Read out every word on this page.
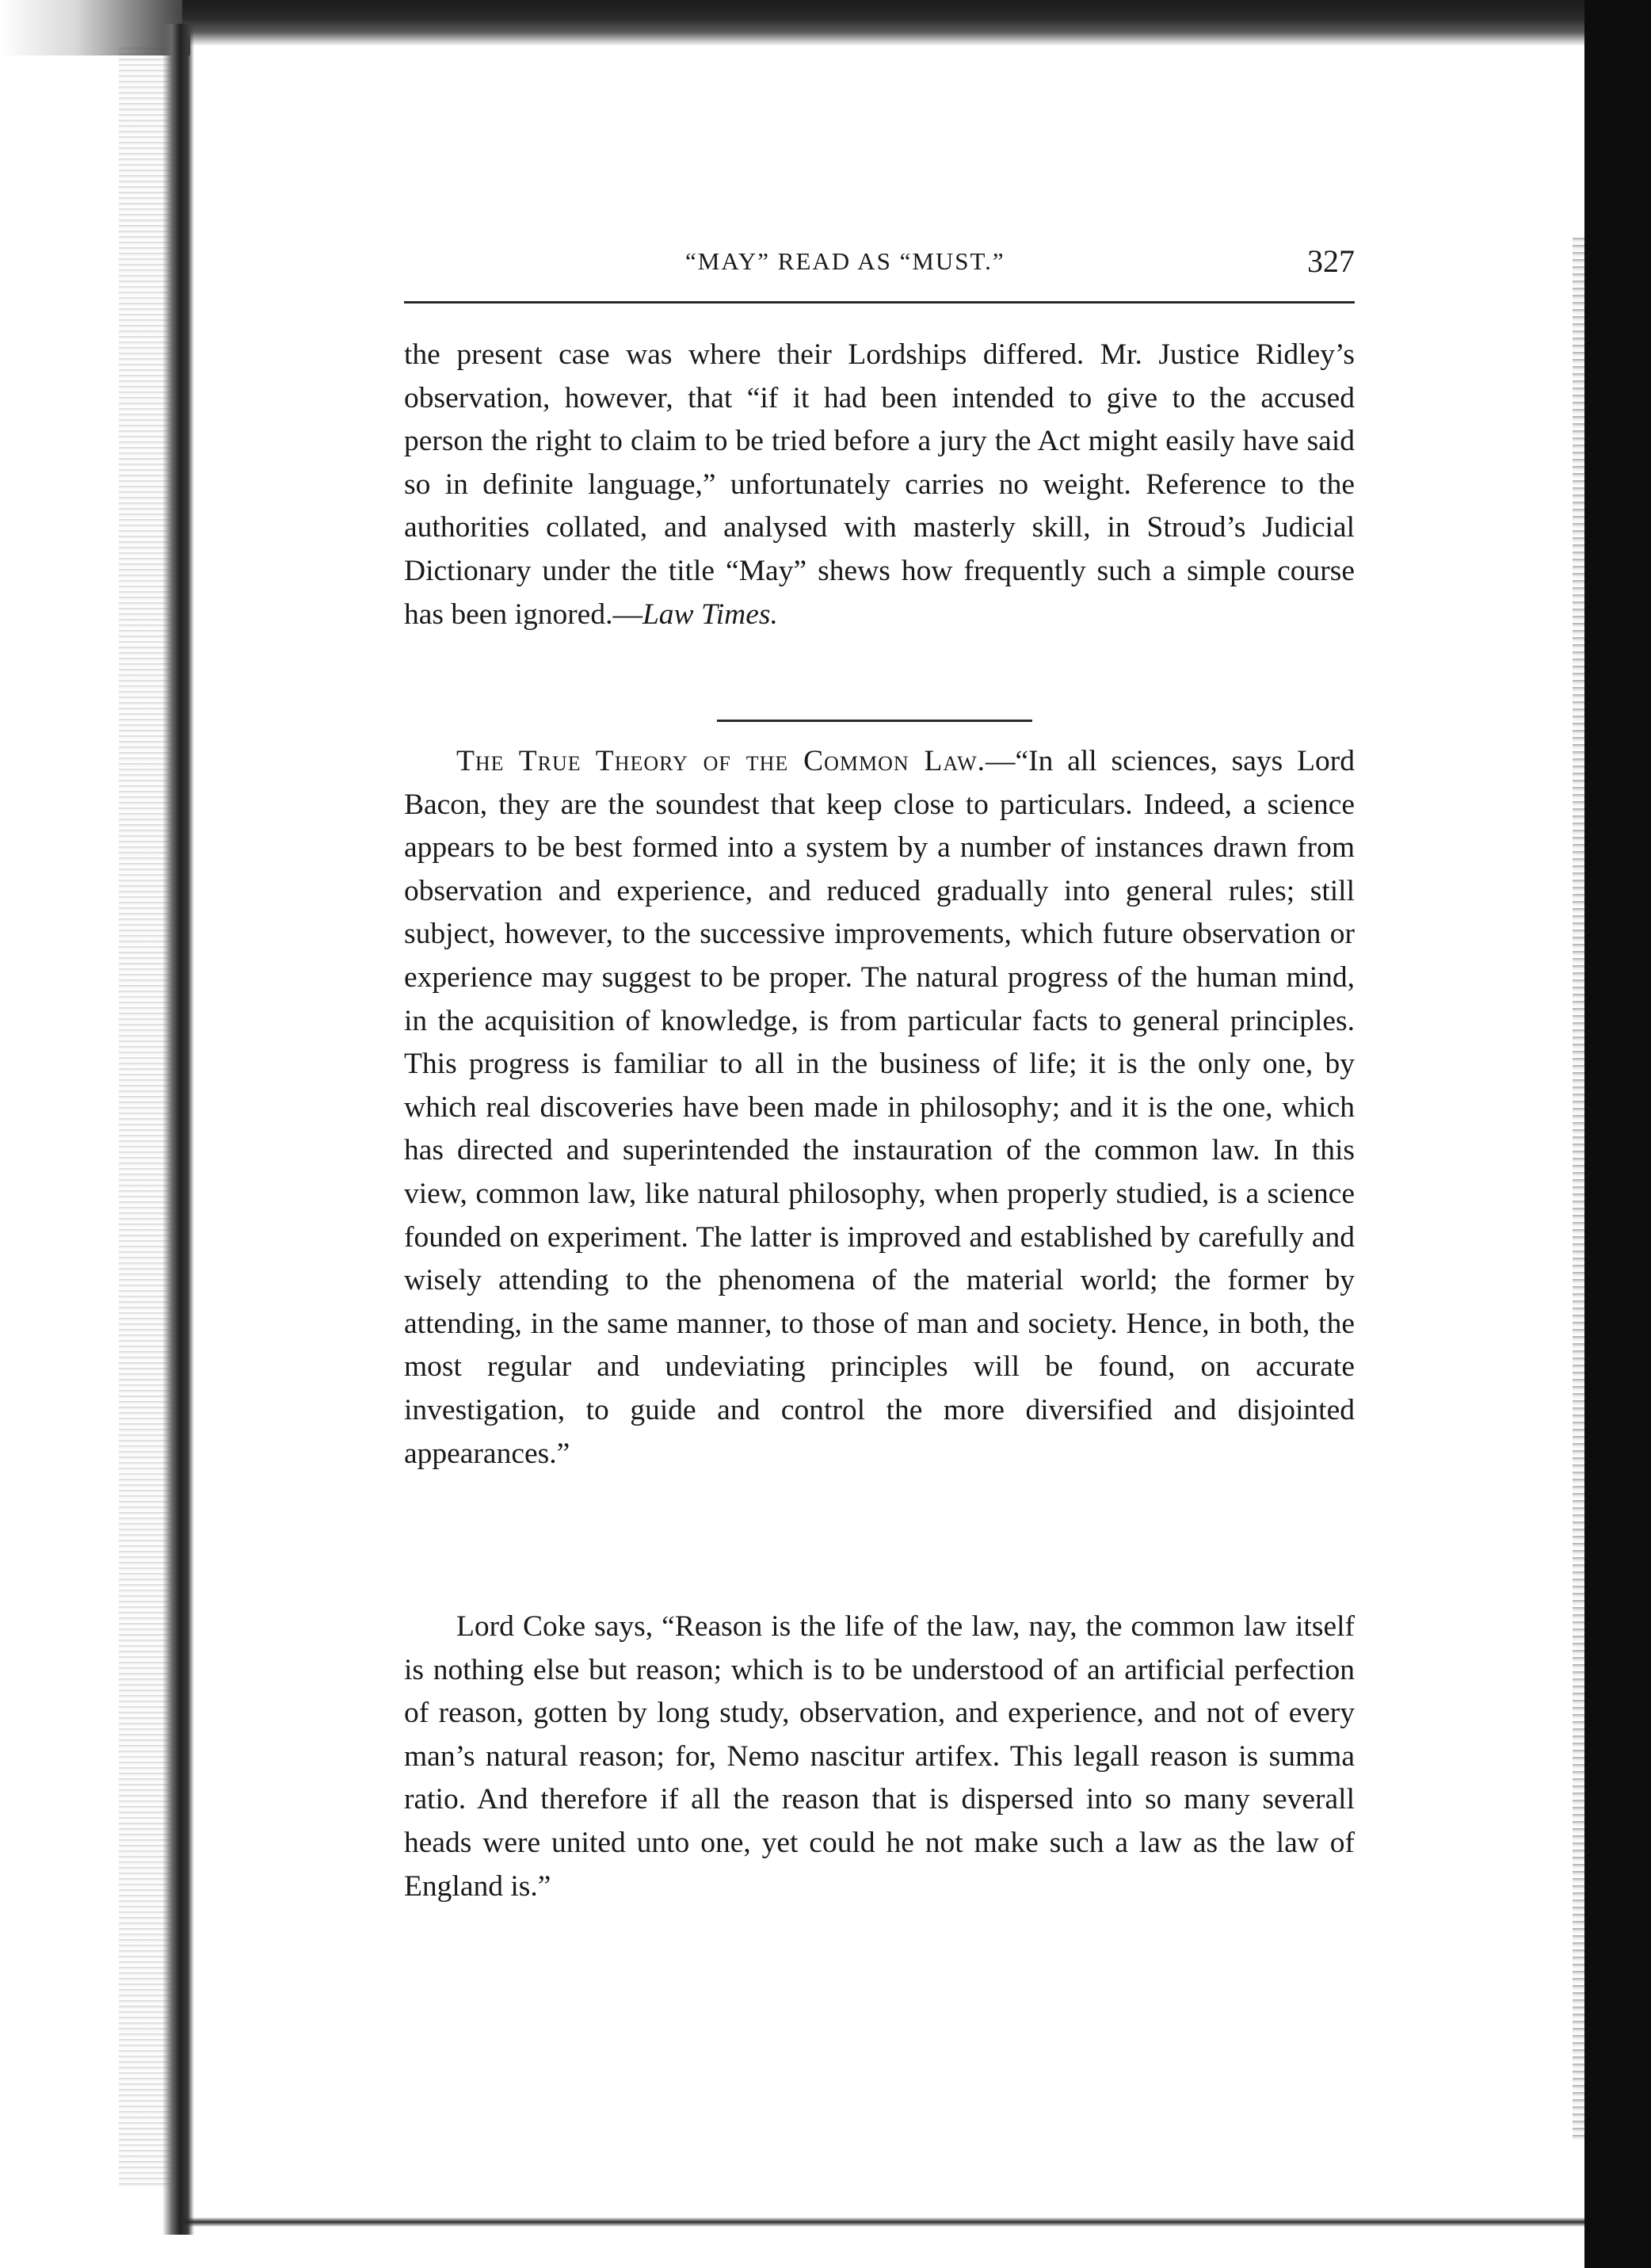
“MAY” READ AS “MUST.”	327
the present case was where their Lordships differed. Mr. Justice Ridley’s observation, however, that “if it had been intended to give to the accused person the right to claim to be tried before a jury the Act might easily have said so in definite language,” unfortunately carries no weight. Reference to the authorities collated, and analysed with masterly skill, in Stroud’s Judicial Dictionary under the title “May” shews how frequently such a simple course has been ignored.—Law Times.
The True Theory of the Common Law.—“In all sciences, says Lord Bacon, they are the soundest that keep close to particulars. Indeed, a science appears to be best formed into a system by a number of instances drawn from observation and experience, and reduced gradually into general rules; still subject, however, to the successive improvements, which future observation or experience may suggest to be proper. The natural progress of the human mind, in the acquisition of knowledge, is from particular facts to general principles. This progress is familiar to all in the business of life; it is the only one, by which real discoveries have been made in philosophy; and it is the one, which has directed and superintended the instauration of the common law. In this view, common law, like natural philosophy, when properly studied, is a science founded on experiment. The latter is improved and established by carefully and wisely attending to the phenomena of the material world; the former by attending, in the same manner, to those of man and society. Hence, in both, the most regular and undeviating principles will be found, on accurate investigation, to guide and control the more diversified and disjointed appearances.”
Lord Coke says, “Reason is the life of the law, nay, the common law itself is nothing else but reason; which is to be understood of an artificial perfection of reason, gotten by long study, observation, and experience, and not of every man’s natural reason; for, Nemo nascitur artifex. This legall reason is summa ratio. And therefore if all the reason that is dispersed into so many severall heads were united unto one, yet could he not make such a law as the law of England is.”
